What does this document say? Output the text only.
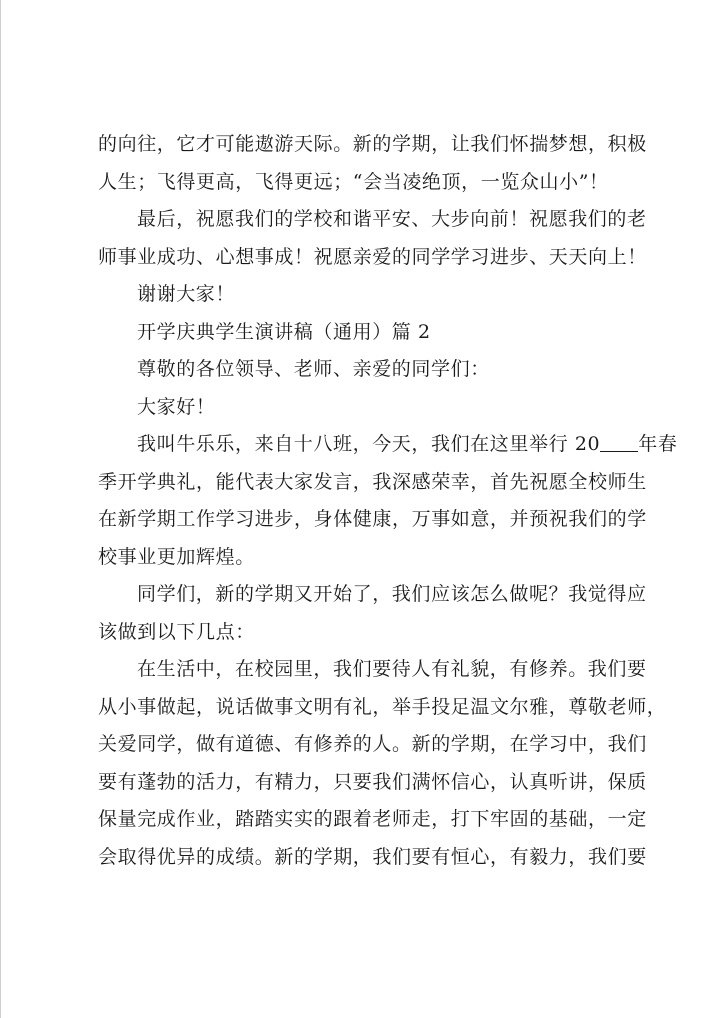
的向往，它才可能遨游天际。新的学期，让我们怀揣梦想，积极
人生；飞得更高，飞得更远；“会当凌绝顶，一览众山小”！
最后，祝愿我们的学校和谐平安、大步向前！祝愿我们的老
师事业成功、心想事成！祝愿亲爱的同学学习进步、天天向上！
谢谢大家！
开学庆典学生演讲稿（通用）篇 2
尊敬的各位领导、老师、亲爱的同学们：
大家好！
我叫牛乐乐，来自十八班，今天，我们在这里举行 20 年春
季开学典礼，能代表大家发言，我深感荣幸，首先祝愿全校师生
在新学期工作学习进步，身体健康，万事如意，并预祝我们的学
校事业更加辉煌。
同学们，新的学期又开始了，我们应该怎么做呢？我觉得应
该做到以下几点：
在生活中，在校园里，我们要待人有礼貌，有修养。我们要
从小事做起，说话做事文明有礼，举手投足温文尔雅，尊敬老师，
关爱同学，做有道德、有修养的人。新的学期，在学习中，我们
要有蓬勃的活力，有精力，只要我们满怀信心，认真听讲，保质
保量完成作业，踏踏实实的跟着老师走，打下牢固的基础，一定
会取得优异的成绩。新的学期，我们要有恒心，有毅力，我们要
